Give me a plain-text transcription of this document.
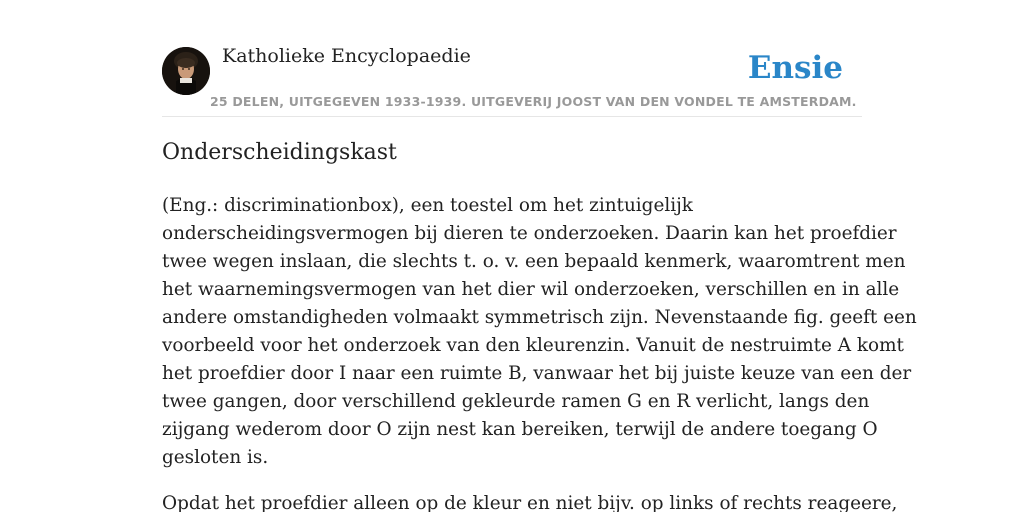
Katholieke Encyclopaedie
25 DELEN, UITGEGEVEN 1933-1939. UITGEVERIJ JOOST VAN DEN VONDEL TE AMSTERDAM.
Ensie
Onderscheidingskast

(Eng.: discriminationbox), een toestel om het zintuigelijk
onderscheidingsvermogen bij dieren te onderzoeken. Daarin kan het proefdier
twee wegen inslaan, die slechts t. o. v. een bepaald kenmerk, waaromtrent men
het waarnemingsvermogen van het dier wil onderzoeken, verschillen en in alle
andere omstandigheden volmaakt symmetrisch zijn. Nevenstaande fig. geeft een
voorbeeld voor het onderzoek van den kleurenzin. Vanuit de nestruimte A komt
het proefdier door I naar een ruimte B, vanwaar het bij juiste keuze van een der
twee gangen, door verschillend gekleurde ramen G en R verlicht, langs den
zijgang wederom door O zijn nest kan bereiken, terwijl de andere toegang O
gesloten is.

Opdat het proefdier alleen op de kleur en niet bijv. op links of rechts reageere,
